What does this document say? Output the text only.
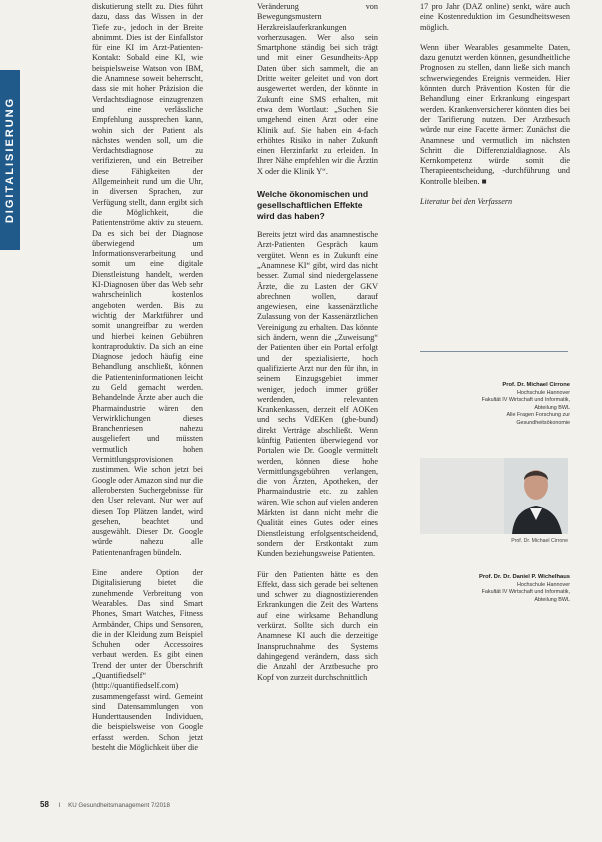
DIGITALISIERUNG

diskutierung stellt zu. Dies führt dazu, dass das Wissen in der Tiefe zu-, jedoch in der Breite abnimmt. Dies ist der Einfallstor für eine KI im Arzt-Patienten-Kontakt: Sobald eine KI, wie beispielsweise Watson von IBM, die Anamnese soweit beherrscht, dass sie mit hoher Präzision die Verdachtsdiagnose einzugrenzen und eine verlässliche Empfehlung aussprechen kann, wohin sich der Patient als nächstes wenden soll, um die Verdachtsdiagnose zu verifizieren, und ein Betreiber diese Fähigkeiten der Allgemeinheit rund um die Uhr, in diversen Sprachen, zur Verfügung stellt, dann ergibt sich die Möglichkeit, die Patientenströme aktiv zu steuern. Da es sich bei der Diagnose überwiegend um Informationsverarbeitung und somit um eine digitale Dienstleistung handelt, werden KI-Diagnosen über das Web sehr wahrscheinlich kostenlos angeboten werden. Bis zu wichtig der Marktführer und somit unangreifbar zu werden und hierbei keinen Gebühren kontraproduktiv. Da sich an eine Diagnose jedoch häufig eine Behandlung anschließt, können die Patienteninformationen leicht zu Geld gemacht werden. Behandelnde Ärzte aber auch die Pharmaindustrie wären den Verwirklichungen dieses Branchenriesen nahezu ausgeliefert und müssten vermutlich hohen Vermittlungsprovisionen zustimmen. Wie schon jetzt bei Google oder Amazon sind nur die allerobersten Suchergebnisse für den User relevant. Nur wer auf diesen Top Plätzen landet, wird gesehen, beachtet und ausgewählt. Dieser Dr. Google würde nahezu alle Patientenanfragen bündeln.

Eine andere Option der Digitalisierung bietet die zunehmende Verbreitung von Wearables. Das sind Smart Phones, Smart Watches, Fitness Armbänder, Chips und Sensoren, die in der Kleidung zum Beispiel Schuhen oder Accessoires verbaut werden. Es gibt einen Trend der unter der Überschrift „Quantifiedself“ (http://quantifiedself.com) zusammengefasst wird. Gemeint sind Datensammlungen von Hunderttausenden Individuen, die beispielsweise von Google erfasst werden. Schon jetzt besteht die Möglichkeit über die

Veränderung von Bewegungsmustern Herzkreislauferkrankungen vorherzusagen. Wer also sein Smartphone ständig bei sich trägt und mit einer Gesundheits-App Daten über sich sammelt, die an Dritte weiter geleitet und von dort ausgewertet werden, der könnte in Zukunft eine SMS erhalten, mit etwa dem Wortlaut: „Suchen Sie umgehend einen Arzt oder eine Klinik auf. Sie haben ein 4-fach erhöhtes Risiko in naher Zukunft einen Herzinfarkt zu erleiden. In Ihrer Nähe empfehlen wir die Ärztin X oder die Klinik Y“.

Welche ökonomischen und gesellschaftlichen Effekte wird das haben?

Bereits jetzt wird das anamnestische Arzt-Patienten Gespräch kaum vergütet. Wenn es in Zukunft eine „Anamnese KI“ gibt, wird das nicht besser. Zumal sind niedergelassene Ärzte, die zu Lasten der GKV abrechnen wollen, darauf angewiesen, eine kassenärztliche Zulassung von der Kassenärztlichen Vereinigung zu erhalten. Das könnte sich ändern, wenn die „Zuweisung“ der Patienten über ein Portal erfolgt und der spezialisierte, hoch qualifizierte Arzt nur den für ihn, in seinem Einzugsgebiet immer weniger, jedoch immer größer werdenden, relevanten Krankenkassen, derzeit elf AOKen und sechs VdEKen (gbe-bund) direkt Verträge abschließt. Wenn künftig Patienten überwiegend vor Portalen wie Dr. Google vermittelt werden, können diese hohe Vermittlungsgebühren verlangen, die von Ärzten, Apotheken, der Pharmaindustrie etc. zu zahlen wären. Wie schon auf vielen anderen Märkten ist dann nicht mehr die Qualität eines Gutes oder eines Dienstleistung erfolgsentscheidend, sondern der Erstkontakt zum Kunden beziehungsweise Patienten.

Für den Patienten hätte es den Effekt, dass sich gerade bei seltenen und schwer zu diagnostizierenden Erkrankungen die Zeit des Wartens auf eine wirksame Behandlung verkürzt. Sollte sich durch ein Anamnese KI auch die derzeitige Inanspruchnahme des Systems dahingegend verändern, dass sich die Anzahl der Arztbesuche pro Kopf von zurzeit durchschnittlich

17 pro Jahr (DAZ online) senkt, wäre auch eine Kostenreduktion im Gesundheitswesen möglich.

Wenn über Wearables gesammelte Daten, dazu genutzt werden können, gesundheitliche Prognosen zu stellen, dann ließe sich manch schwerwiegendes Ereignis vermeiden. Hier könnten durch Prävention Kosten für die Behandlung einer Erkrankung eingespart werden. Krankenversicherer könnten dies bei der Tarifierung nutzen. Der Arztbesuch würde nur eine Facette ärmer: Zunächst die Anamnese und vermutlich im nächsten Schritt die Differenzialdiagnose. Als Kernkompetenz würde somit die Therapieentscheidung, -durchführung und Kontrolle bleiben. ■

Literatur bei den Verfassern

Prof. Dr. Michael Cirrone
Hochschule Hannover
Fakultät IV Wirtschaft und Informatik,
Abteilung BWL
Alle Fragen Forschung zur
Gesundheitsökonomie
Prof. Dr. Michael Cirrone
Prof. Dr. Dr. Daniel P. Wichelhaus
Hochschule Hannover
Fakultät IV Wirtschaft und Informatik,
Abteilung BWL
58 I KU Gesundheitsmanagement 7/2018
